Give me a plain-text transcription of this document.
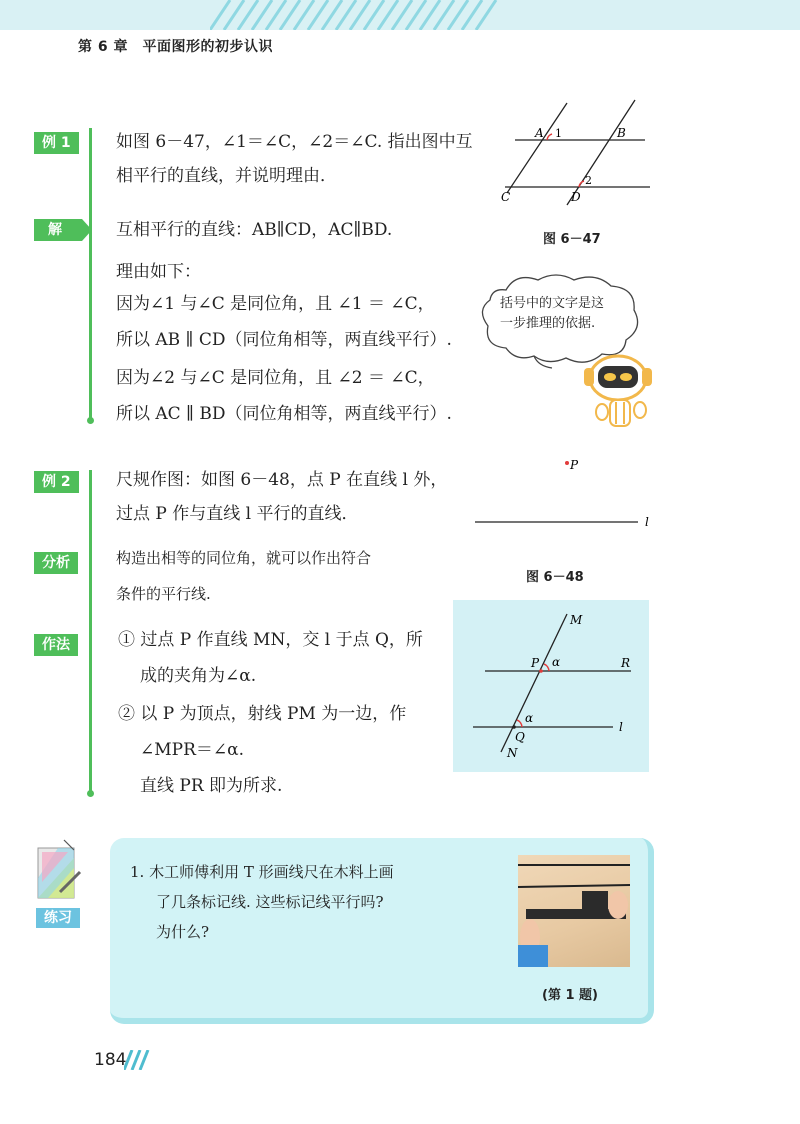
第 6 章　平面图形的初步认识
例 1	如图 6－47，∠1＝∠C，∠2＝∠C. 指出图中互
相平行的直线，并说明理由．
解	互相平行的直线：AB∥CD，AC∥BD.
理由如下：
因为∠1 与∠C 是同位角，且 ∠1 ＝ ∠C，
所以 AB ∥ CD（同位角相等，两直线平行）.
因为∠2 与∠C 是同位角，且 ∠2 ＝ ∠C，
所以 AC ∥ BD（同位角相等，两直线平行）.
A 1	B
2
C	D
图 6－47
括号中的文字是这
一步推理的依据.
例 2	尺规作图：如图 6－48，点 P 在直线 l 外，
过点 P 作与直线 l 平行的直线．
P
l
图 6－48
分析	构造出相等的同位角，就可以作出符合
条件的平行线.
作法	① 过点 P 作直线 MN，交 l 于点 Q，所
成的夹角为∠α.
② 以 P 为顶点，射线 PM 为一边，作
∠MPR＝∠α.
直线 PR 即为所求.
M
P α	R
α
Q
l
N
练习
1. 木工师傅利用 T 形画线尺在木料上画
了几条标记线. 这些标记线平行吗?
为什么?
(第 1 题)
184
